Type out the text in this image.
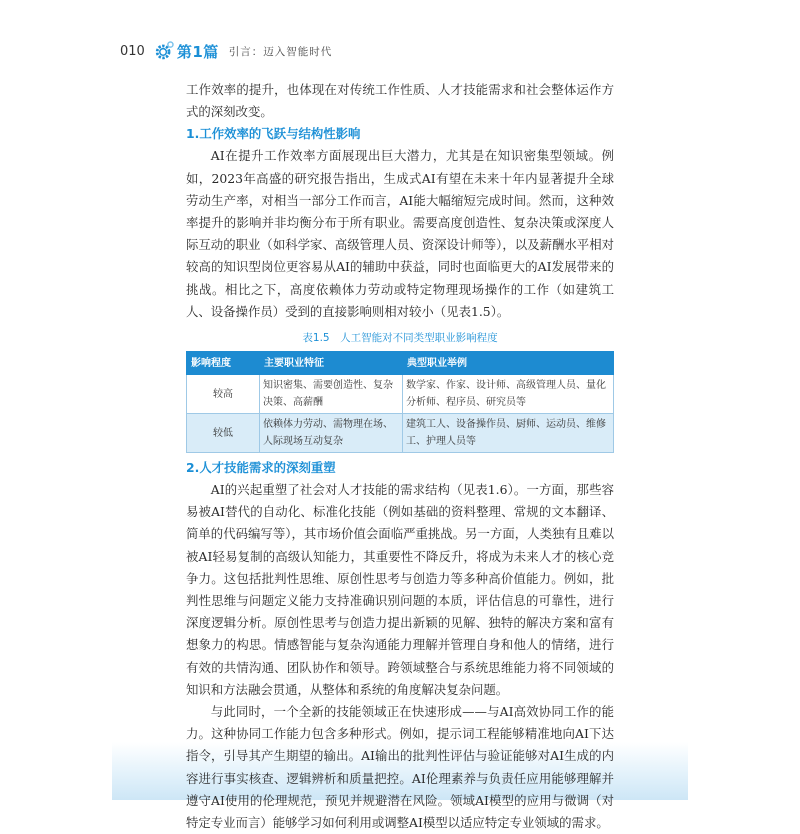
010 第1篇 引言：迈入智能时代

工作效率的提升，也体现在对传统工作性质、人才技能需求和社会整体运作方式的深刻改变。

1.工作效率的飞跃与结构性影响

AI在提升工作效率方面展现出巨大潜力，尤其是在知识密集型领域。例如，2023年高盛的研究报告指出，生成式AI有望在未来十年内显著提升全球劳动生产率，对相当一部分工作而言，AI能大幅缩短完成时间。然而，这种效率提升的影响并非均衡分布于所有职业。需要高度创造性、复杂决策或深度人际互动的职业（如科学家、高级管理人员、资深设计师等），以及薪酬水平相对较高的知识型岗位更容易从AI的辅助中获益，同时也面临更大的AI发展带来的挑战。相比之下，高度依赖体力劳动或特定物理现场操作的工作（如建筑工人、设备操作员）受到的直接影响则相对较小（见表1.5）。

表1.5　人工智能对不同类型职业影响程度
影响程度	主要职业特征	典型职业举例
较高	知识密集、需要创造性、复杂决策、高薪酬	数学家、作家、设计师、高级管理人员、量化分析师、程序员、研究员等
较低	依赖体力劳动、需物理在场、人际现场互动复杂	建筑工人、设备操作员、厨师、运动员、维修工、护理人员等

2.人才技能需求的深刻重塑

AI的兴起重塑了社会对人才技能的需求结构（见表1.6）。一方面，那些容易被AI替代的自动化、标准化技能（例如基础的资料整理、常规的文本翻译、简单的代码编写等），其市场价值会面临严重挑战。另一方面，人类独有且难以被AI轻易复制的高级认知能力，其重要性不降反升，将成为未来人才的核心竞争力。这包括批判性思维、原创性思考与创造力等多种高价值能力。例如，批判性思维与问题定义能力支持准确识别问题的本质，评估信息的可靠性，进行深度逻辑分析。原创性思考与创造力提出新颖的见解、独特的解决方案和富有想象力的构思。情感智能与复杂沟通能力理解并管理自身和他人的情绪，进行有效的共情沟通、团队协作和领导。跨领域整合与系统思维能力将不同领域的知识和方法融会贯通，从整体和系统的角度解决复杂问题。

与此同时，一个全新的技能领域正在快速形成——与AI高效协同工作的能力。这种协同工作能力包含多种形式。例如，提示词工程能够精准地向AI下达指令，引导其产生期望的输出。AI输出的批判性评估与验证能够对AI生成的内容进行事实核查、逻辑辨析和质量把控。AI伦理素养与负责任应用能够理解并遵守AI使用的伦理规范，预见并规避潜在风险。领域AI模型的应用与微调（对特定专业而言）能够学习如何利用或调整AI模型以适应特定专业领域的需求。
